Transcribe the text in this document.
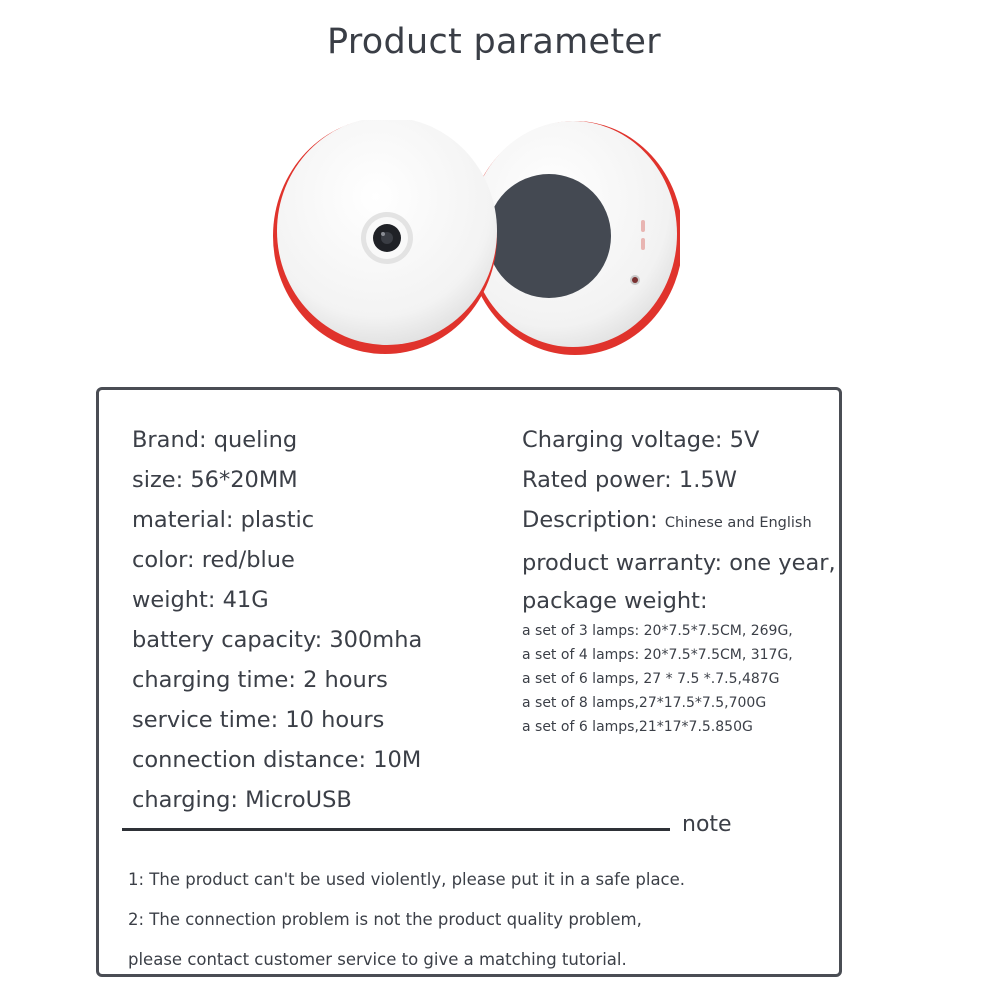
Product parameter
Brand: queling
size: 56*20MM
material: plastic
color: red/blue
weight: 41G
battery capacity: 300mha
charging time: 2 hours
service time: 10 hours
connection distance: 10M
charging: MicroUSB
Charging voltage: 5V
Rated power: 1.5W
Description: Chinese and English
product warranty: one year,
package weight:
a set of 3 lamps: 20*7.5*7.5CM, 269G,
a set of 4 lamps: 20*7.5*7.5CM, 317G,
a set of 6 lamps, 27 * 7.5 *.7.5,487G
a set of 8 lamps,27*17.5*7.5,700G
a set of 6 lamps,21*17*7.5.850G
note
1: The product can't be used violently, please put it in a safe place.
2: The connection problem is not the product quality problem,
please contact customer service to give a matching tutorial.
